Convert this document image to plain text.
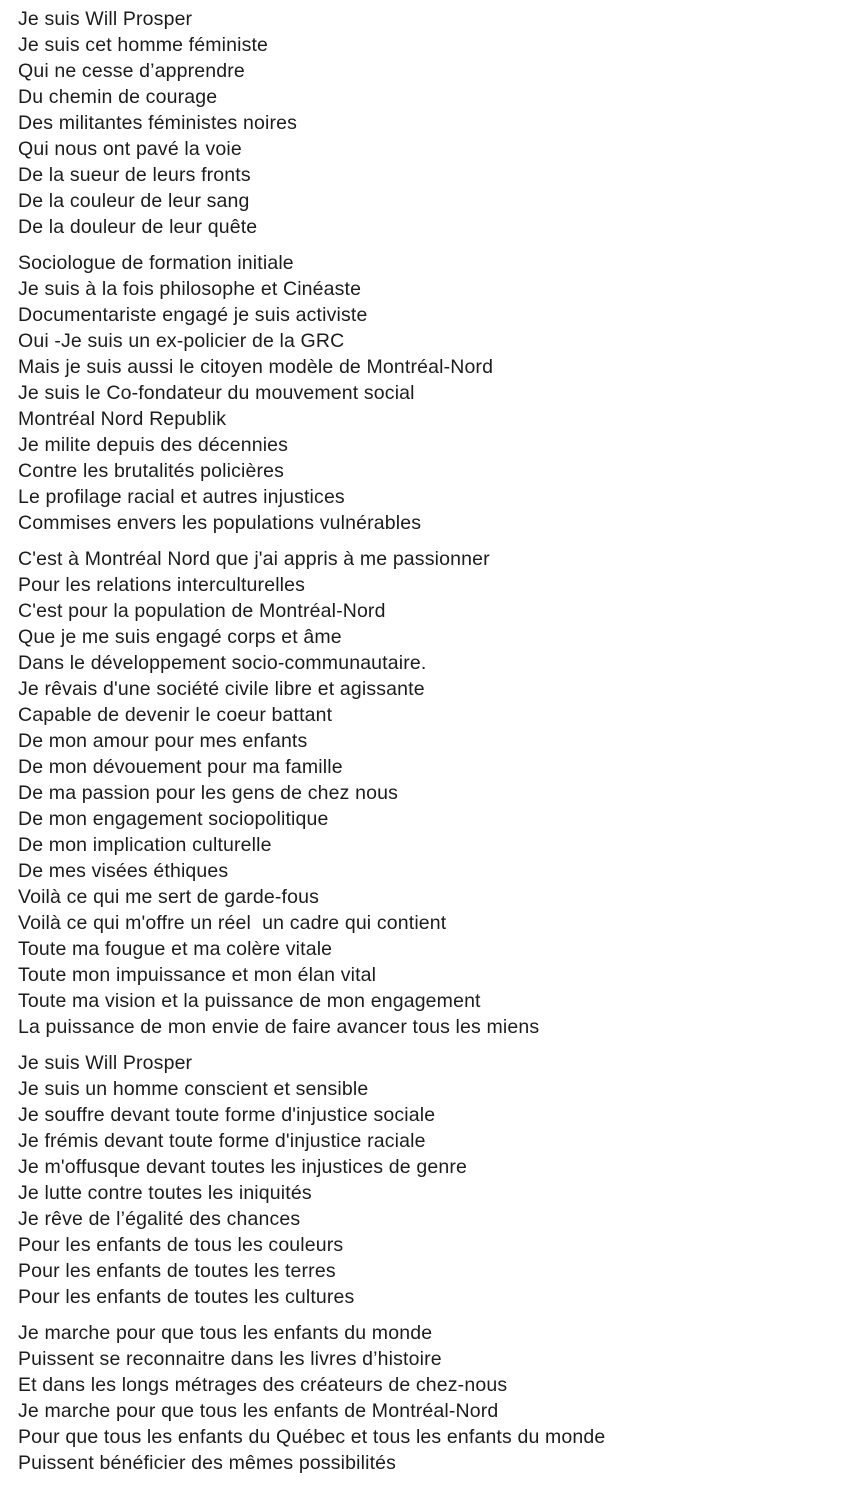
Je suis Will Prosper
Je suis cet homme féministe
Qui ne cesse d’apprendre
Du chemin de courage
Des militantes féministes noires
Qui nous ont pavé la voie
De la sueur de leurs fronts
De la couleur de leur sang
De la douleur de leur quête
Sociologue de formation initiale
Je suis à la fois philosophe et Cinéaste
Documentariste engagé je suis activiste
Oui -Je suis un ex-policier de la GRC
Mais je suis aussi le citoyen modèle de Montréal-Nord
Je suis le Co-fondateur du mouvement social
Montréal Nord Republik
Je milite depuis des décennies
Contre les brutalités policières
Le profilage racial et autres injustices
Commises envers les populations vulnérables
C'est à Montréal Nord que j'ai appris à me passionner
Pour les relations interculturelles
C'est pour la population de Montréal-Nord
Que je me suis engagé corps et âme
Dans le développement socio-communautaire.
Je rêvais d'une société civile libre et agissante
Capable de devenir le coeur battant
De mon amour pour mes enfants
De mon dévouement pour ma famille
De ma passion pour les gens de chez nous
De mon engagement sociopolitique
De mon implication culturelle
De mes visées éthiques
Voilà ce qui me sert de garde-fous
Voilà ce qui m'offre un réel  un cadre qui contient
Toute ma fougue et ma colère vitale
Toute mon impuissance et mon élan vital
Toute ma vision et la puissance de mon engagement
La puissance de mon envie de faire avancer tous les miens
Je suis Will Prosper
Je suis un homme conscient et sensible
Je souffre devant toute forme d'injustice sociale
Je frémis devant toute forme d'injustice raciale
Je m'offusque devant toutes les injustices de genre
Je lutte contre toutes les iniquités
Je rêve de l’égalité des chances
Pour les enfants de tous les couleurs
Pour les enfants de toutes les terres
Pour les enfants de toutes les cultures
Je marche pour que tous les enfants du monde
Puissent se reconnaitre dans les livres d’histoire
Et dans les longs métrages des créateurs de chez-nous
Je marche pour que tous les enfants de Montréal-Nord
Pour que tous les enfants du Québec et tous les enfants du monde
Puissent bénéficier des mêmes possibilités
